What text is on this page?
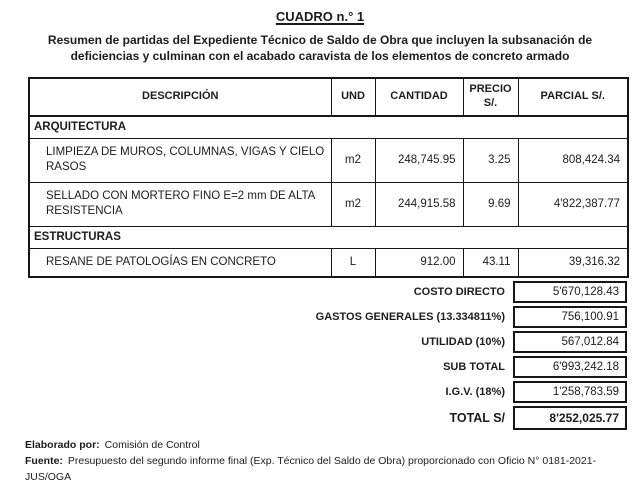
CUADRO n.° 1
Resumen de partidas del Expediente Técnico de Saldo de Obra que incluyen la subsanación de
deficiencias y culminan con el acabado caravista de los elementos de concreto armado
DESCRIPCIÓN	UND	CANTIDAD	PRECIO S/.	PARCIAL S/.
ARQUITECTURA				
LIMPIEZA DE MUROS, COLUMNAS, VIGAS Y CIELO RASOS	m2	248,745.95	3.25	808,424.34
SELLADO CON MORTERO FINO E=2 mm DE ALTA RESISTENCIA	m2	244,915.58	9.69	4'822,387.77
ESTRUCTURAS				
RESANE DE PATOLOGÍAS EN CONCRETO	L	912.00	43.11	39,316.32
COSTO DIRECTO	5'670,128.43
GASTOS GENERALES (13.334811%)	756,100.91
UTILIDAD (10%)	567,012.84
SUB TOTAL	6'993,242.18
I.G.V. (18%)	1'258,783.59
TOTAL S/	8'252,025.77
Elaborado por: Comisión de Control
Fuente: Presupuesto del segundo informe final (Exp. Técnico del Saldo de Obra) proporcionado con Oficio N° 0181-2021-JUS/OGA
